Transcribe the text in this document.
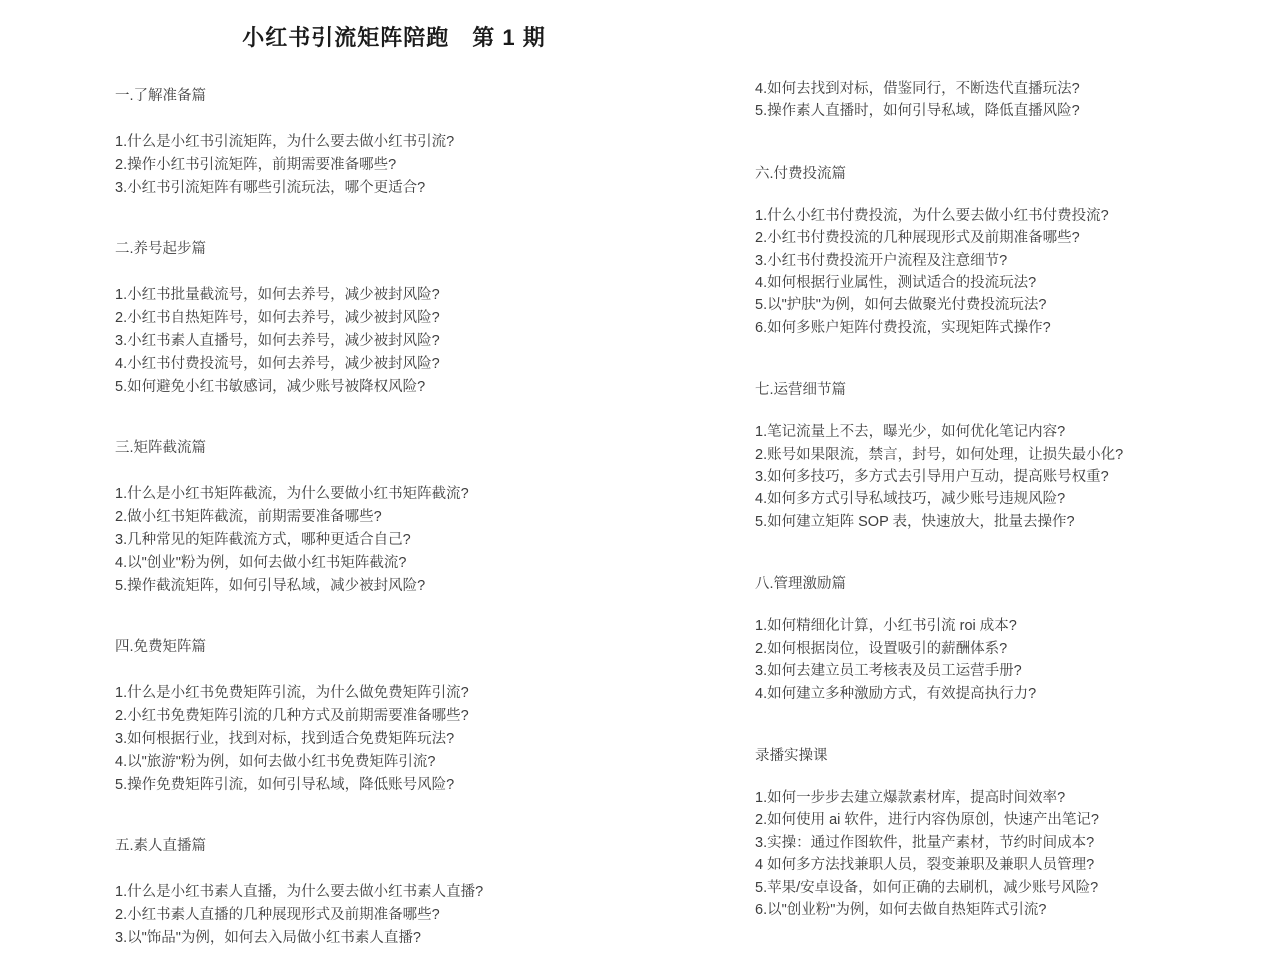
小红书引流矩阵陪跑　第 1 期
一.了解准备篇
1.什么是小红书引流矩阵，为什么要去做小红书引流?
2.操作小红书引流矩阵，前期需要准备哪些?
3.小红书引流矩阵有哪些引流玩法，哪个更适合?
二.养号起步篇
1.小红书批量截流号，如何去养号，减少被封风险?
2.小红书自热矩阵号，如何去养号，减少被封风险?
3.小红书素人直播号，如何去养号，减少被封风险?
4.小红书付费投流号，如何去养号，减少被封风险?
5.如何避免小红书敏感词，减少账号被降权风险?
三.矩阵截流篇
1.什么是小红书矩阵截流，为什么要做小红书矩阵截流?
2.做小红书矩阵截流，前期需要准备哪些?
3.几种常见的矩阵截流方式，哪种更适合自己?
4.以"创业"粉为例，如何去做小红书矩阵截流?
5.操作截流矩阵，如何引导私域，减少被封风险?
四.免费矩阵篇
1.什么是小红书免费矩阵引流，为什么做免费矩阵引流?
2.小红书免费矩阵引流的几种方式及前期需要准备哪些?
3.如何根据行业，找到对标，找到适合免费矩阵玩法?
4.以"旅游"粉为例，如何去做小红书免费矩阵引流?
5.操作免费矩阵引流，如何引导私域，降低账号风险?
五.素人直播篇
1.什么是小红书素人直播，为什么要去做小红书素人直播?
2.小红书素人直播的几种展现形式及前期准备哪些?
3.以"饰品"为例，如何去入局做小红书素人直播?
4.如何去找到对标，借鉴同行，不断迭代直播玩法?
5.操作素人直播时，如何引导私域，降低直播风险?
六.付费投流篇
1.什么小红书付费投流，为什么要去做小红书付费投流?
2.小红书付费投流的几种展现形式及前期准备哪些?
3.小红书付费投流开户流程及注意细节?
4.如何根据行业属性，测试适合的投流玩法?
5.以"护肤"为例，如何去做聚光付费投流玩法?
6.如何多账户矩阵付费投流，实现矩阵式操作?
七.运营细节篇
1.笔记流量上不去，曝光少，如何优化笔记内容?
2.账号如果限流，禁言，封号，如何处理，让损失最小化?
3.如何多技巧，多方式去引导用户互动，提高账号权重?
4.如何多方式引导私域技巧，减少账号违规风险?
5.如何建立矩阵 SOP 表，快速放大，批量去操作?
八.管理激励篇
1.如何精细化计算，小红书引流 roi 成本?
2.如何根据岗位，设置吸引的薪酬体系?
3.如何去建立员工考核表及员工运营手册?
4.如何建立多种激励方式，有效提高执行力?
录播实操课
1.如何一步步去建立爆款素材库，提高时间效率?
2.如何使用 ai 软件，进行内容伪原创，快速产出笔记?
3.实操：通过作图软件，批量产素材，节约时间成本?
4 如何多方法找兼职人员，裂变兼职及兼职人员管理?
5.苹果/安卓设备，如何正确的去刷机，减少账号风险?
6.以"创业粉"为例，如何去做自热矩阵式引流?
